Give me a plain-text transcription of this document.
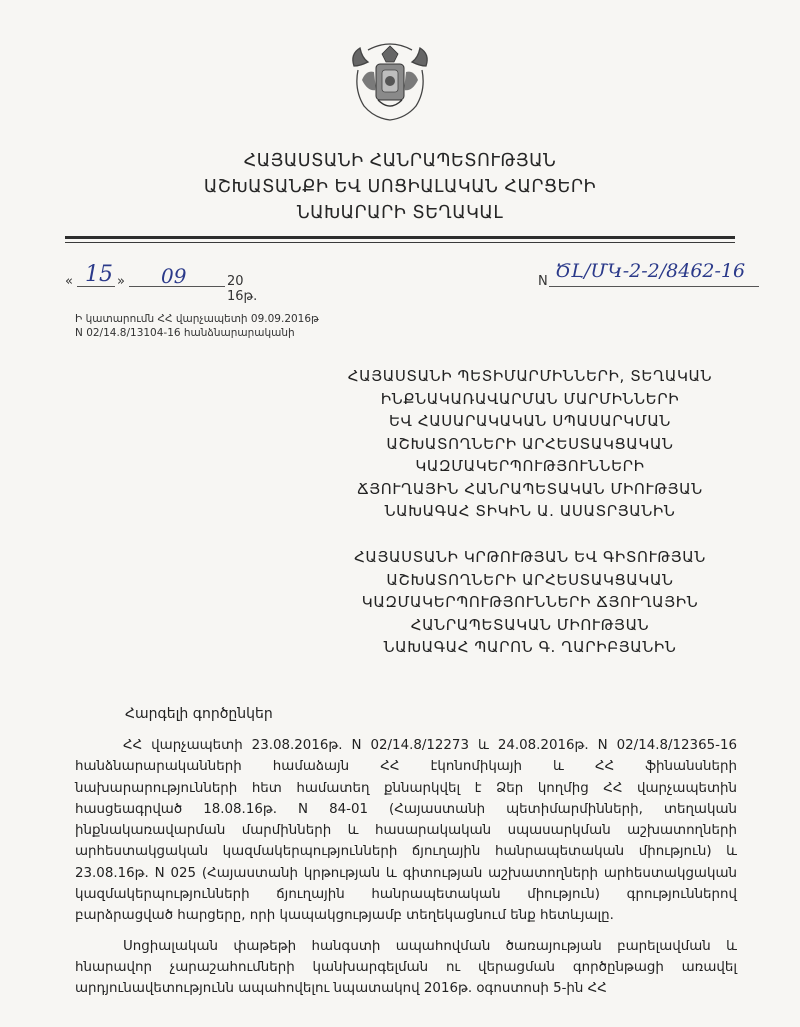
ՀԱՅԱՍՏԱՆԻ ՀԱՆՐԱՊԵՏՈՒԹՅԱՆ
ԱՇԽԱՏԱՆՔԻ ԵՎ ՍՈՑԻԱԼԱԿԱՆ ՀԱՐՑԵՐԻ
ՆԱԽԱՐԱՐԻ ՏԵՂԱԿԱԼ
« 15 » 09	20 16թ.
N ԾԼ/ՄԿ-2-2/8462-16
Ի կատարումն ՀՀ վարչապետի 09.09.2016թ
N 02/14.8/13104-16 հանձնարարականի
ՀԱՅԱՍՏԱՆԻ ՊԵՏԻՄԱՐՄԻՆՆԵՐԻ, ՏԵՂԱԿԱՆ
ԻՆՔՆԱԿԱՌԱՎԱՐՄԱՆ ՄԱՐՄԻՆՆԵՐԻ
ԵՎ ՀԱՍԱՐԱԿԱԿԱՆ ՍՊԱՍԱՐԿՄԱՆ
ԱՇԽԱՏՈՂՆԵՐԻ ԱՐՀԵՍՏԱԿՑԱԿԱՆ
ԿԱԶՄԱԿԵՐՊՈՒԹՅՈՒՆՆԵՐԻ
ՃՅՈՒՂԱՅԻՆ ՀԱՆՐԱՊԵՏԱԿԱՆ ՄԻՈՒԹՅԱՆ
ՆԱԽԱԳԱՀ ՏԻԿԻՆ Ա. ԱՍԱՏՐՅԱՆԻՆ
ՀԱՅԱՍՏԱՆԻ ԿՐԹՈՒԹՅԱՆ ԵՎ ԳԻՏՈՒԹՅԱՆ
ԱՇԽԱՏՈՂՆԵՐԻ ԱՐՀԵՍՏԱԿՑԱԿԱՆ
ԿԱԶՄԱԿԵՐՊՈՒԹՅՈՒՆՆԵՐԻ ՃՅՈՒՂԱՅԻՆ
ՀԱՆՐԱՊԵՏԱԿԱՆ ՄԻՈՒԹՅԱՆ
ՆԱԽԱԳԱՀ ՊԱՐՈՆ Գ. ՂԱՐԻԲՅԱՆԻՆ
Հարգելի գործընկեր

ՀՀ վարչապետի 23.08.2016թ. N 02/14.8/12273 և 24.08.2016թ. N 02/14.8/12365-16 հանձնարարականների համաձայն ՀՀ էկոնոմիկայի և ՀՀ ֆինանսների նախարարությունների հետ համատեղ քննարկվել է Ձեր կողմից ՀՀ վարչապետին հասցեագրված 18.08.16թ. N 84-01 (Հայաստանի պետիմարմինների, տեղական ինքնակառավարման մարմինների և հասարակական սպասարկման աշխատողների արհեստակցական կազմակերպությունների ճյուղային հանրապետական միություն) և 23.08.16թ. N 025 (Հայաստանի կրթության և գիտության աշխատողների արհեստակցական կազմակերպությունների ճյուղային հանրապետական միություն) գրություններով բարձրացված հարցերը, որի կապակցությամբ տեղեկացնում ենք հետևյալը.

Սոցիալական փաթեթի հանգստի ապահովման ծառայության բարելավման և հնարավոր չարաշահումների կանխարգելման ու վերացման գործընթացի առավել արդյունավետությունն ապահովելու նպատակով 2016թ. օգոստոսի 5-ին ՀՀ
